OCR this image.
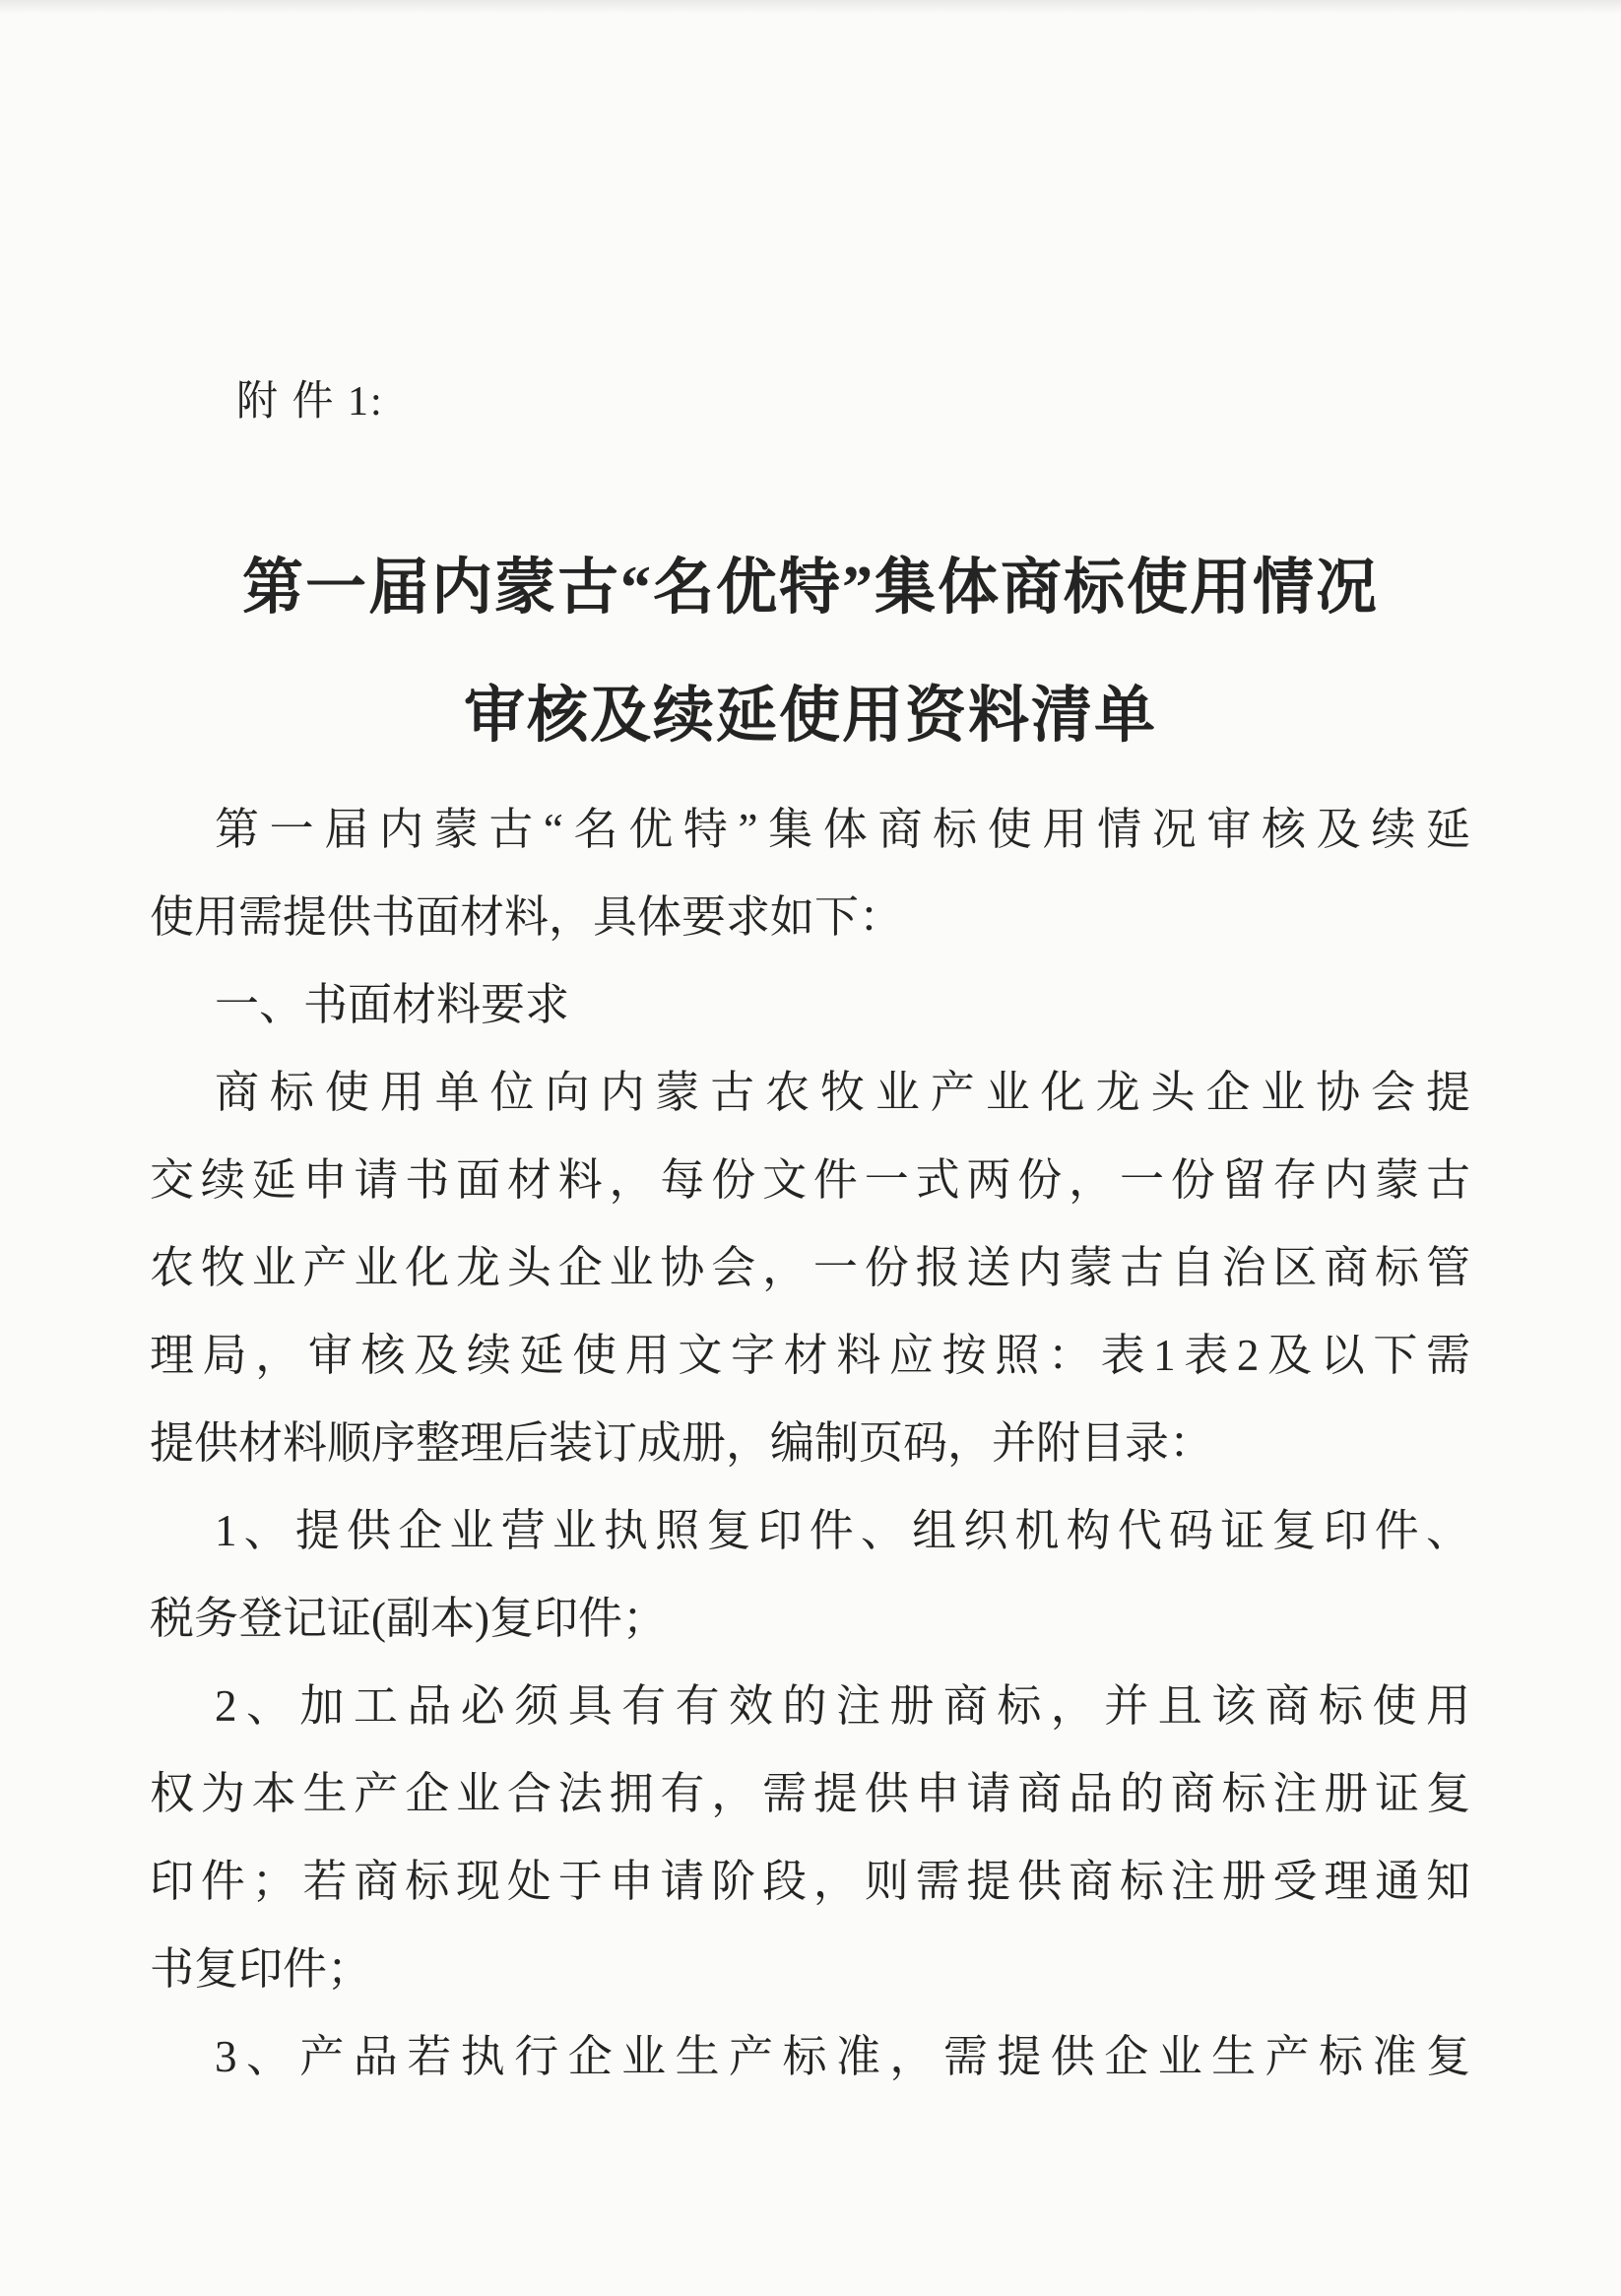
附 件 1:
第一届内蒙古“名优特”集体商标使用情况
审核及续延使用资料清单
第一届内蒙古“名优特”集体商标使用情况审核及续延
使用需提供书面材料，具体要求如下：
一、书面材料要求
商标使用单位向内蒙古农牧业产业化龙头企业协会提
交续延申请书面材料，每份文件一式两份，一份留存内蒙古
农牧业产业化龙头企业协会，一份报送内蒙古自治区商标管
理局，审核及续延使用文字材料应按照：表1表2及以下需
提供材料顺序整理后装订成册，编制页码，并附目录：
1、提供企业营业执照复印件、组织机构代码证复印件、
税务登记证(副本)复印件；
2、加工品必须具有有效的注册商标，并且该商标使用
权为本生产企业合法拥有，需提供申请商品的商标注册证复
印件；若商标现处于申请阶段，则需提供商标注册受理通知
书复印件；
3、产品若执行企业生产标准，需提供企业生产标准复
